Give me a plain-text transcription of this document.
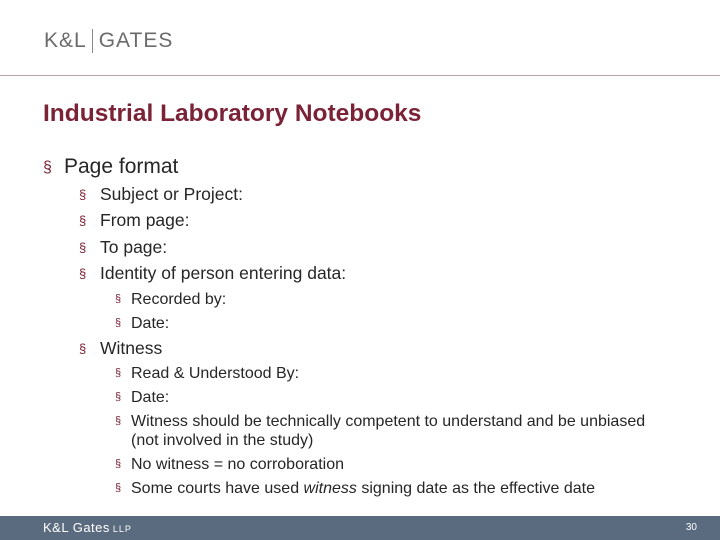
K&L GATES
Industrial Laboratory Notebooks
§ Page format
§ Subject or Project:
§ From page:
§ To page:
§ Identity of person entering data:
§ Recorded by:
§ Date:
§ Witness
§ Read & Understood By:
§ Date:
§ Witness should be technically competent to understand and be unbiased (not involved in the study)
§ No witness = no corroboration
§ Some courts have used witness signing date as the effective date
K&L Gates LLP	30
